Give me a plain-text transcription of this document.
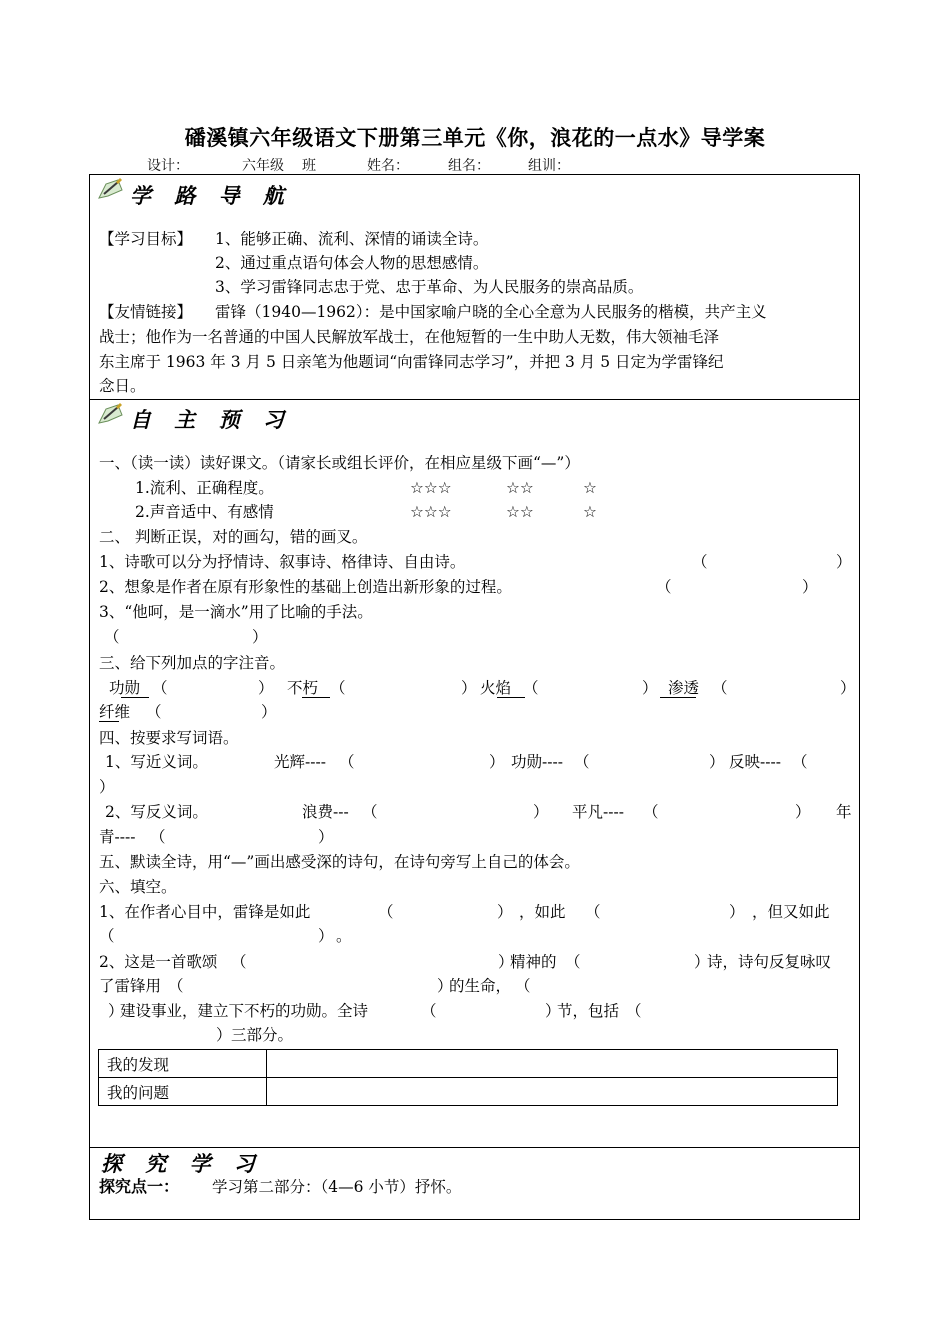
磻溪镇六年级语文下册第三单元《你，浪花的一点水》导学案
设计：	六年级 班	姓名：	组名：	组训：
学 路 导 航
【学习目标】 1、能够正确、流利、深情的诵读全诗。
2、通过重点语句体会人物的思想感情。
3、学习雷锋同志忠于党、忠于革命、为人民服务的崇高品质。
【友情链接】 雷锋（1940—1962）：是中国家喻户晓的全心全意为人民服务的楷模，共产主义
战士；他作为一名普通的中国人民解放军战士，在他短暂的一生中助人无数，伟大领袖毛泽
东主席于 1963 年 3 月 5 日亲笔为他题词“向雷锋同志学习”，并把 3 月 5 日定为学雷锋纪
念日。
自 主 预 习
一、（读一读）读好课文。（请家长或组长评价，在相应星级下画“—”）
1.流利、正确程度。	☆☆☆	☆☆	☆
2.声音适中、有感情	☆☆☆	☆☆	☆
二、 判断正误，对的画勾，错的画叉。
1、诗歌可以分为抒情诗、叙事诗、格律诗、自由诗。	（	）
2、想象是作者在原有形象性的基础上创造出新形象的过程。	（	）
3、“他呵，是一滴水”用了比喻的手法。
（	）
三、给下列加点的字注音。
功勋 （	） 不朽 （	） 火焰 （	） 渗透 （	）
纤维 （	）
四、按要求写词语。
1、写近义词。	光辉---- （	） 功勋---- （	） 反映---- （
）
2、写反义词。	浪费--- （	） 平凡---- （	） 年
青---- （	）
五、默读全诗，用“—”画出感受深的诗句，在诗句旁写上自己的体会。
六、填空。
1、在作者心目中，雷锋是如此	（	） ，如此 （	） ，但又如此
（	） 。
2、这是一首歌颂 （	）
精神的 （	）
诗，诗句反复咏叹
了雷锋用 （	）
的生命， （
）
建设事业，建立下不朽的功勋。全诗	（	）
节，包括 （
） 三部分。
我的发现	
我的问题	
探 究 学 习
探究点一： 学习第二部分：（4—6 小节）抒怀。
